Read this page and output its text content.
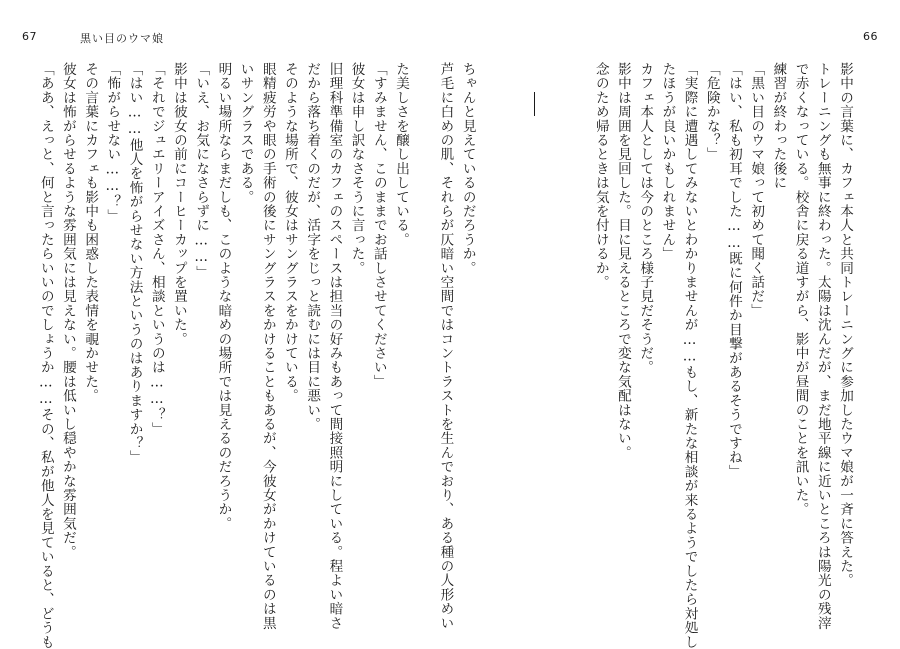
67	黒い目のウマ娘
た美しさを醸し出している。
「すみません、このままでお話しさせてください」
彼女は申し訳なさそうに言った。
旧理科準備室のカフェのスペースは担当の好みもあって間接照明にしている。程よい暗さ
だから落ち着くのだが、活字をじっと読むには目に悪い。
そのような場所で、彼女はサングラスをかけている。
眼精疲労や眼の手術の後にサングラスをかけることもあるが、今彼女がかけているのは黒
いサングラスである。
明るい場所ならまだしも、このような暗めの場所では見えるのだろうか。
「いえ、お気になさらずに……」
影中は彼女の前にコーヒーカップを置いた。
「それでジュエリーアイズさん、相談というのは……？」
「はい……他人を怖がらせない方法というのはありますか？」
「怖がらせない……？」
その言葉にカフェも影中も困惑した表情を覗かせた。
彼女は怖がらせるような雰囲気には見えない。腰は低いし穏やかな雰囲気だ。
「ああ、えっと、何と言ったらいいのでしょうか……その、私が他人を見ていると、どうも
66
影中の言葉に、カフェ本人と共同トレーニングに参加したウマ娘が一斉に答えた。
トレーニングも無事に終わった。太陽は沈んだが、まだ地平線に近いところは陽光の残滓
で赤くなっている。校舎に戻る道すがら、影中が昼間のことを訊いた。
練習が終わった後に
「黒い目のウマ娘って初めて聞く話だ」
「はい、私も初耳でした……既に何件か目撃があるそうですね」
「危険かな？」
「実際に遭遇してみないとわかりませんが……もし、新たな相談が来るようでしたら対処し
たほうが良いかもしれません」
カフェ本人としては今のところ様子見だそうだ。
影中は周囲を見回した。目に見えるところで変な気配はない。
念のため帰るときは気を付けるか。
ちゃんと見えているのだろうか。
芦毛に白めの肌、それらが仄暗い空間ではコントラストを生んでおり、ある種の人形めい
